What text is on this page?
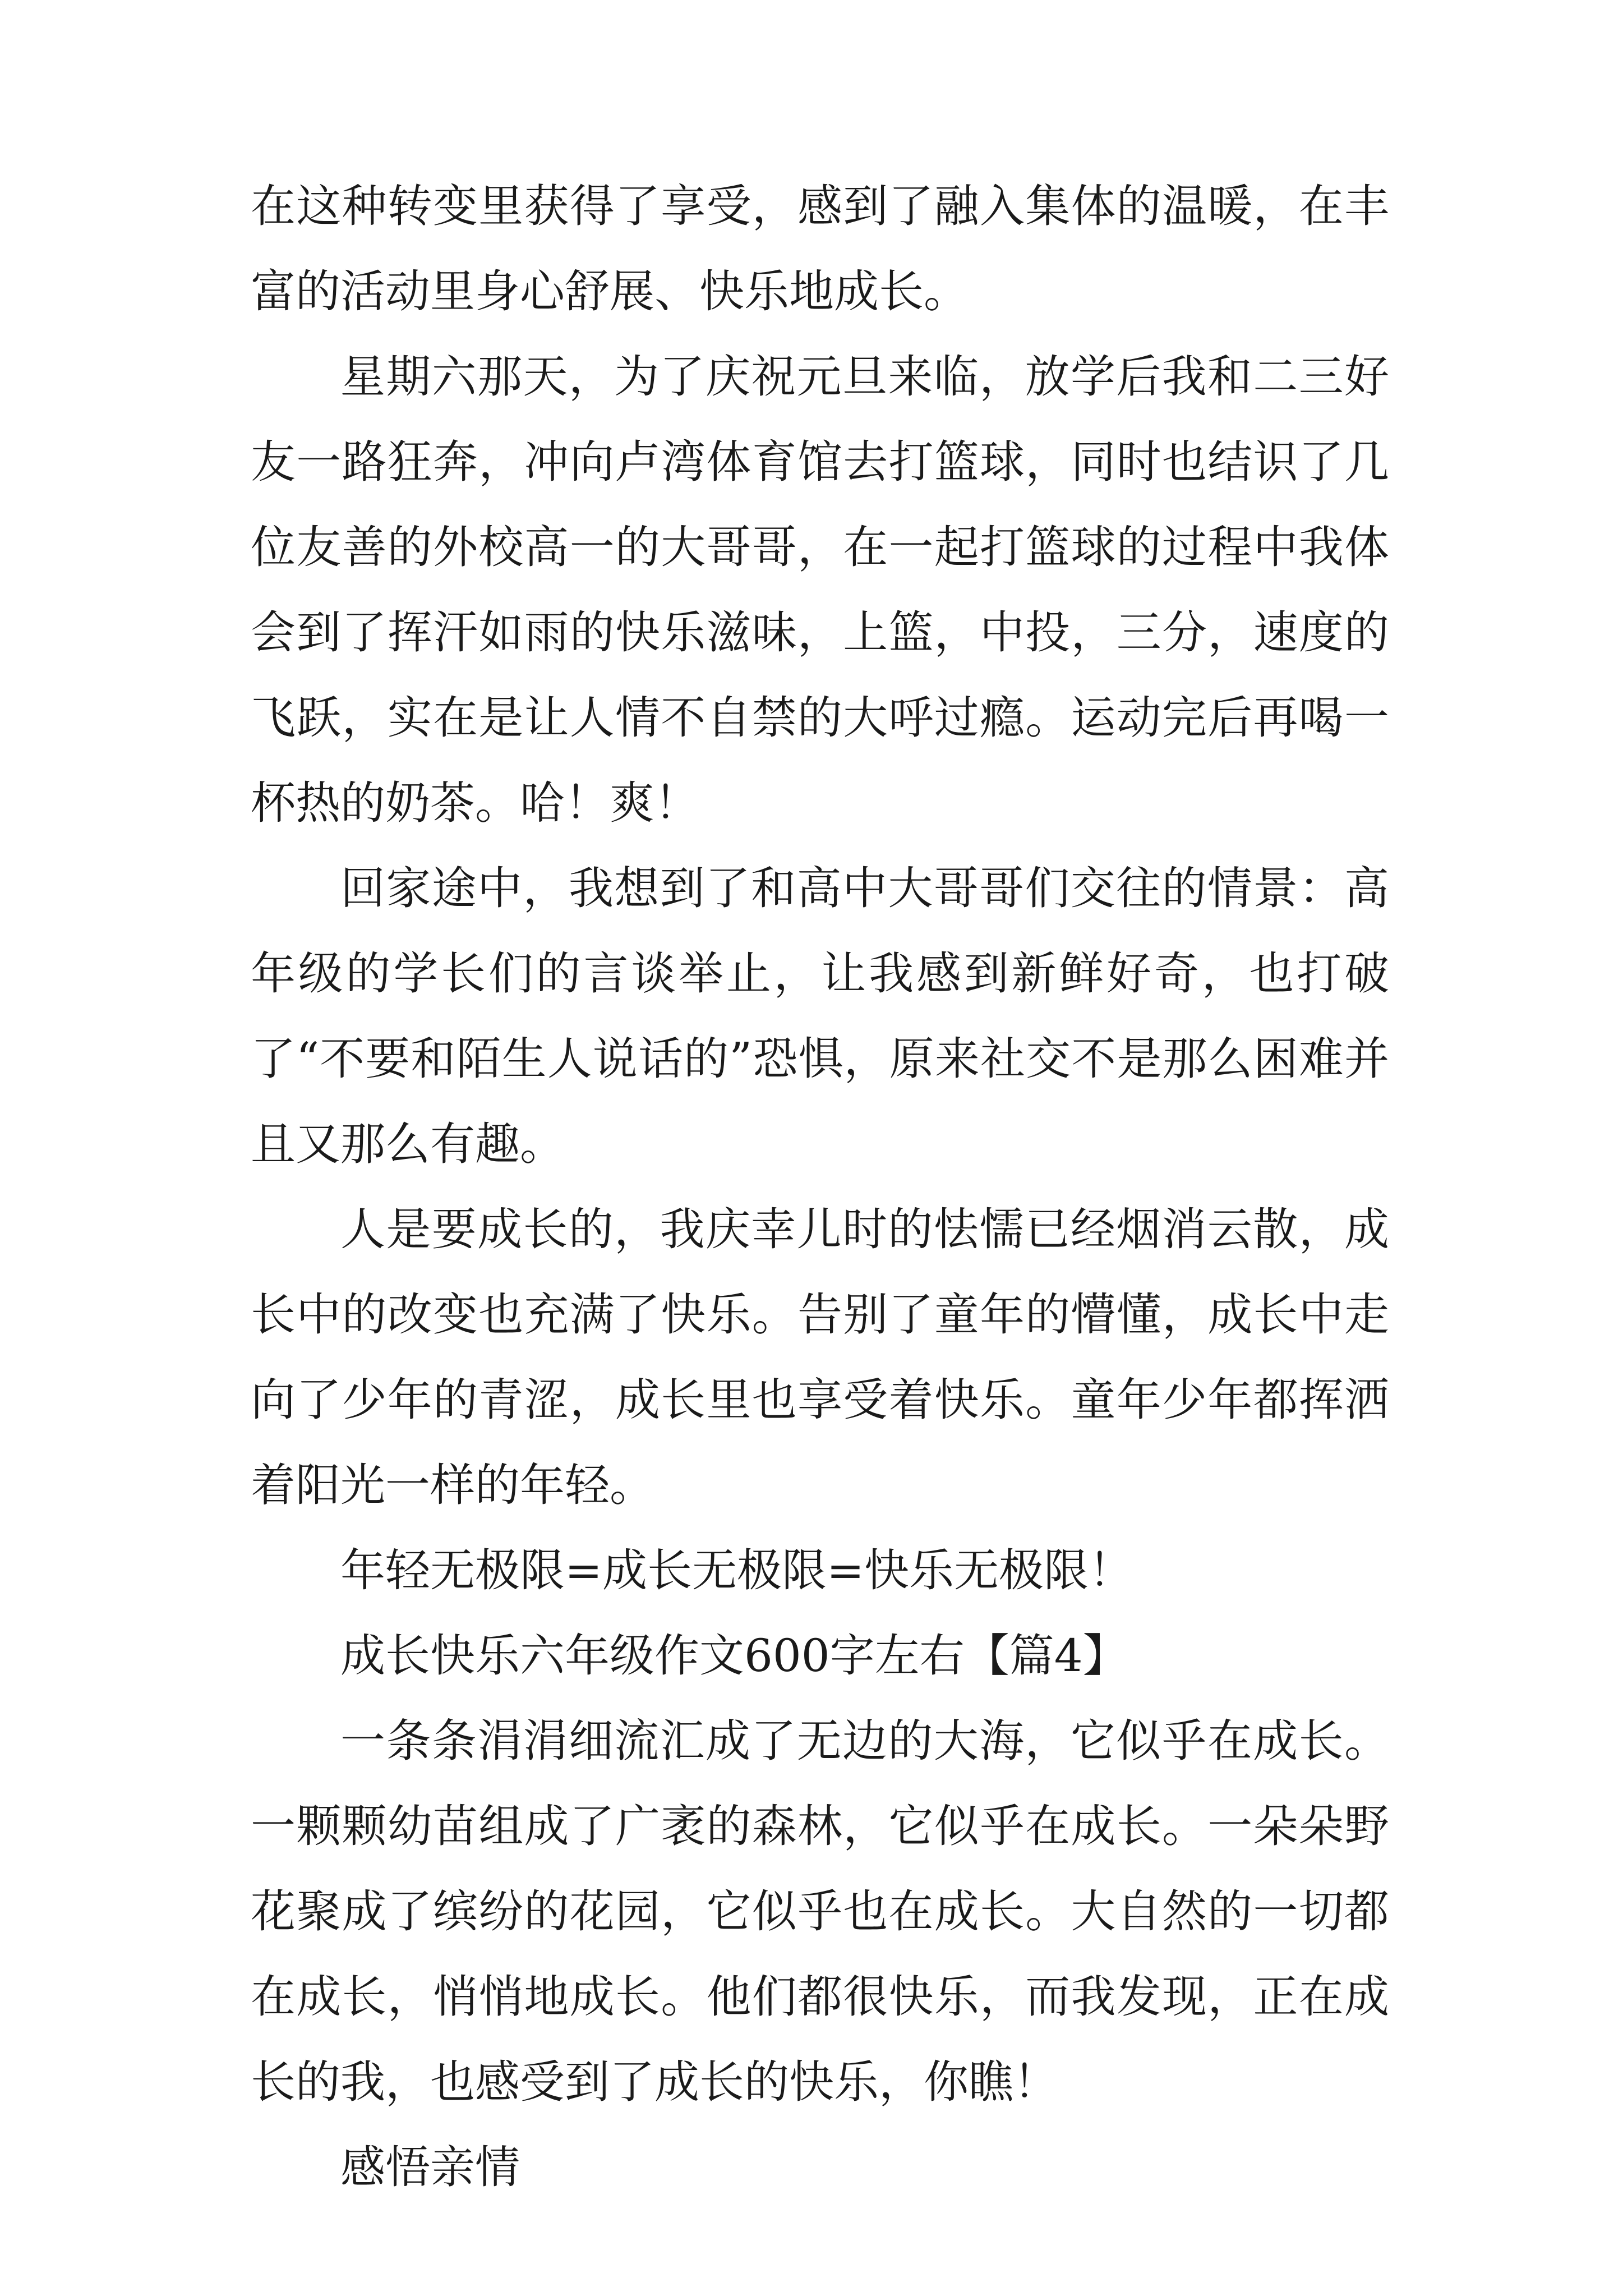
在这种转变里获得了享受，感到了融入集体的温暖，在丰富的活动里身心舒展、快乐地成长。

星期六那天，为了庆祝元旦来临，放学后我和二三好友一路狂奔，冲向卢湾体育馆去打篮球，同时也结识了几位友善的外校高一的大哥哥，在一起打篮球的过程中我体会到了挥汗如雨的快乐滋味，上篮，中投，三分，速度的飞跃，实在是让人情不自禁的大呼过瘾。运动完后再喝一杯热的奶茶。哈！爽！

回家途中，我想到了和高中大哥哥们交往的情景：高年级的学长们的言谈举止，让我感到新鲜好奇，也打破了“不要和陌生人说话的”恐惧，原来社交不是那么困难并且又那么有趣。

人是要成长的，我庆幸儿时的怯懦已经烟消云散，成长中的改变也充满了快乐。告别了童年的懵懂，成长中走向了少年的青涩，成长里也享受着快乐。童年少年都挥洒着阳光一样的年轻。

年轻无极限=成长无极限=快乐无极限！

成长快乐六年级作文600字左右【篇4】

一条条涓涓细流汇成了无边的大海，它似乎在成长。一颗颗幼苗组成了广袤的森林，它似乎在成长。一朵朵野花聚成了缤纷的花园，它似乎也在成长。大自然的一切都在成长，悄悄地成长。他们都很快乐，而我发现，正在成长的我，也感受到了成长的快乐，你瞧！

感悟亲情
